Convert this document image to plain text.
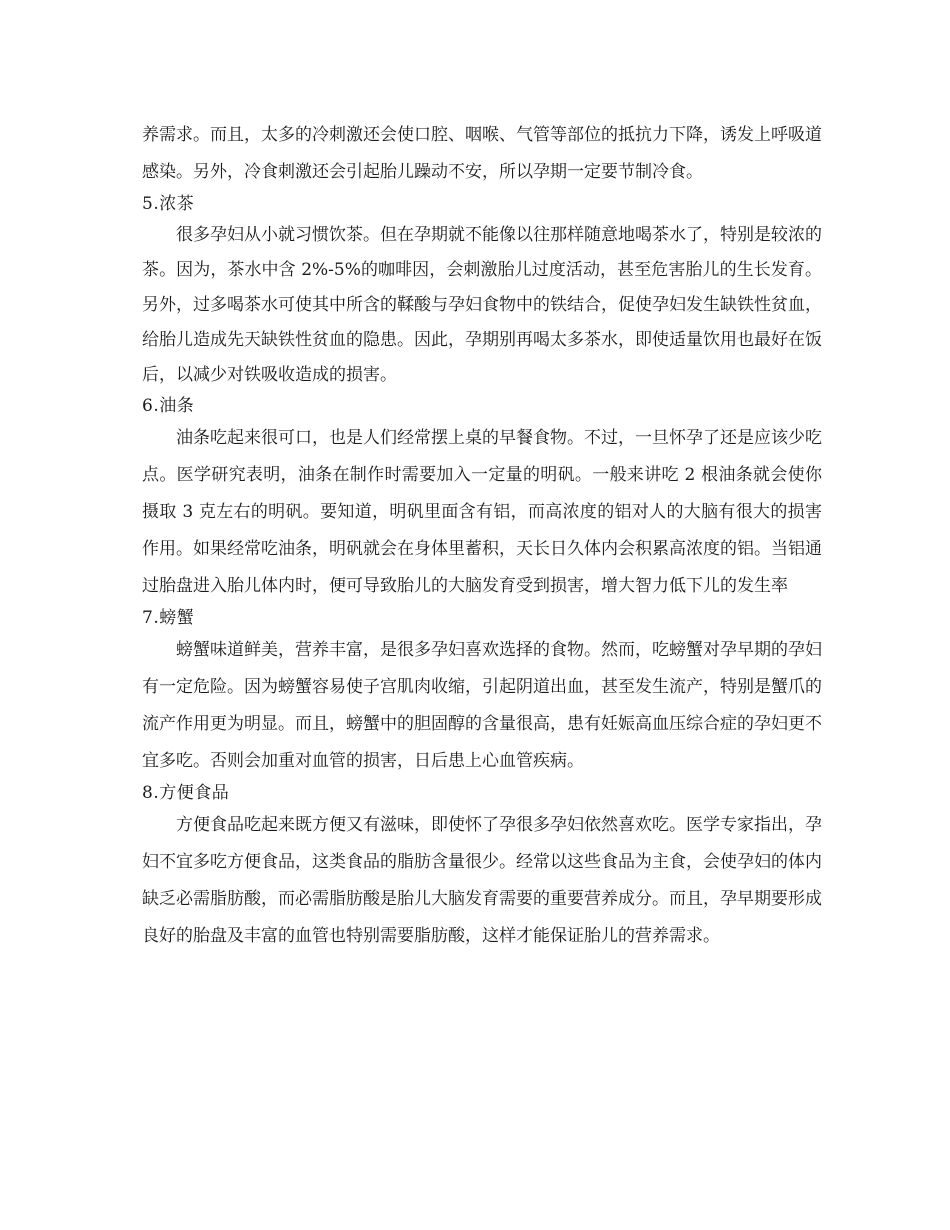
养需求。而且，太多的冷刺激还会使口腔、咽喉、气管等部位的抵抗力下降，诱发上呼吸道感染。另外，冷食刺激还会引起胎儿躁动不安，所以孕期一定要节制冷食。

5.浓茶

很多孕妇从小就习惯饮茶。但在孕期就不能像以往那样随意地喝茶水了，特别是较浓的茶。因为，茶水中含 2%-5%的咖啡因，会刺激胎儿过度活动，甚至危害胎儿的生长发育。另外，过多喝茶水可使其中所含的鞣酸与孕妇食物中的铁结合，促使孕妇发生缺铁性贫血，给胎儿造成先天缺铁性贫血的隐患。因此，孕期别再喝太多茶水，即使适量饮用也最好在饭后，以减少对铁吸收造成的损害。

6.油条

油条吃起来很可口，也是人们经常摆上桌的早餐食物。不过，一旦怀孕了还是应该少吃点。医学研究表明，油条在制作时需要加入一定量的明矾。一般来讲吃 2 根油条就会使你摄取 3 克左右的明矾。要知道，明矾里面含有铝，而高浓度的铝对人的大脑有很大的损害作用。如果经常吃油条，明矾就会在身体里蓄积，天长日久体内会积累高浓度的铝。当铝通过胎盘进入胎儿体内时，便可导致胎儿的大脑发育受到损害，增大智力低下儿的发生率

7.螃蟹

螃蟹味道鲜美，营养丰富，是很多孕妇喜欢选择的食物。然而，吃螃蟹对孕早期的孕妇有一定危险。因为螃蟹容易使子宫肌肉收缩，引起阴道出血，甚至发生流产，特别是蟹爪的流产作用更为明显。而且，螃蟹中的胆固醇的含量很高，患有妊娠高血压综合症的孕妇更不宜多吃。否则会加重对血管的损害，日后患上心血管疾病。

8.方便食品

方便食品吃起来既方便又有滋味，即使怀了孕很多孕妇依然喜欢吃。医学专家指出，孕妇不宜多吃方便食品，这类食品的脂肪含量很少。经常以这些食品为主食，会使孕妇的体内缺乏必需脂肪酸，而必需脂肪酸是胎儿大脑发育需要的重要营养成分。而且，孕早期要形成良好的胎盘及丰富的血管也特别需要脂肪酸，这样才能保证胎儿的营养需求。
